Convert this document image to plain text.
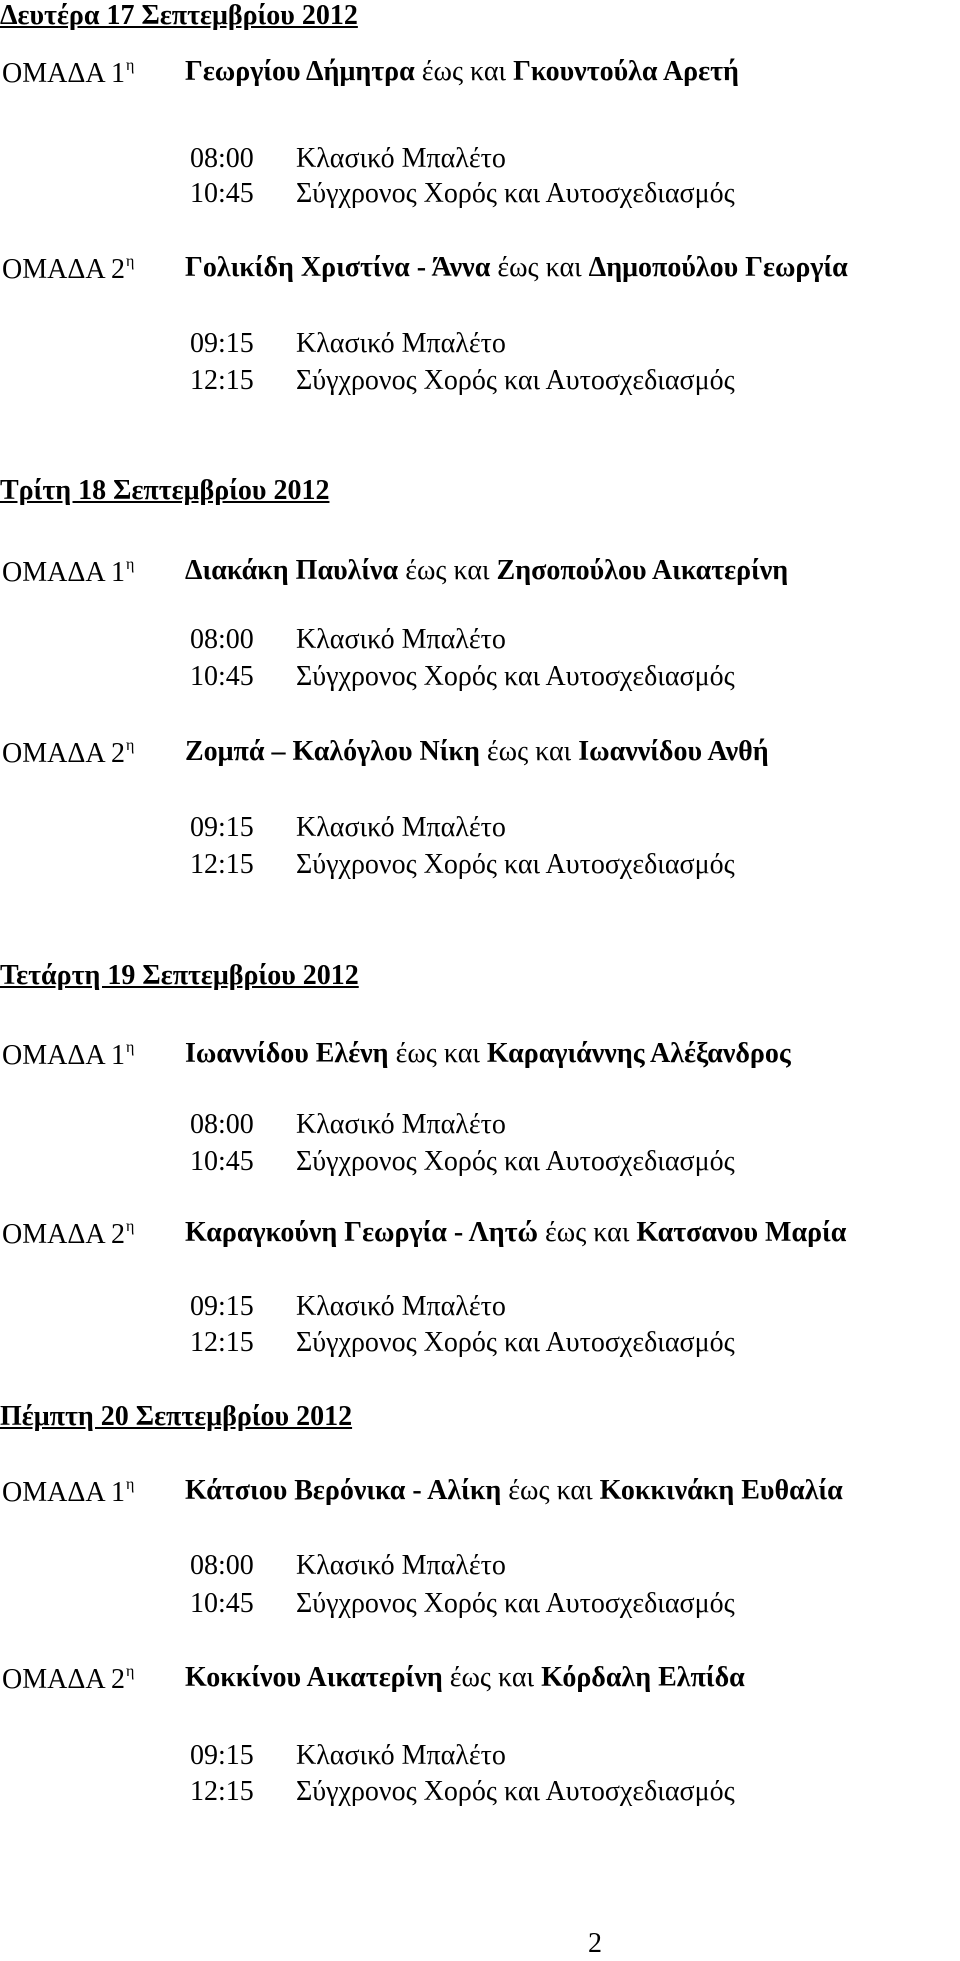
Δευτέρα 17 Σεπτεμβρίου 2012
ΟΜΑΔΑ $1^\eta$ Γεωργίου Δήμητρα έως και Γκουντούλα Αρετή
08:00 Κλασικό Μπαλέτο
10:45 Σύγχρονος Χορός και Αυτοσχεδιασμός
ΟΜΑΔΑ $2^\eta$ Γολικίδη Χριστίνα - Άννα έως και Δημοπούλου Γεωργία
09:15 Κλασικό Μπαλέτο
12:15 Σύγχρονος Χορός και Αυτοσχεδιασμός
Τρίτη 18 Σεπτεμβρίου 2012
ΟΜΑΔΑ $1^\eta$ Διακάκη Παυλίνα έως και Ζησοπούλου Αικατερίνη
08:00 Κλασικό Μπαλέτο
10:45 Σύγχρονος Χορός και Αυτοσχεδιασμός
ΟΜΑΔΑ $2^\eta$ Ζομπά – Καλόγλου Νίκη έως και Ιωαννίδου Ανθή
09:15 Κλασικό Μπαλέτο
12:15 Σύγχρονος Χορός και Αυτοσχεδιασμός
Τετάρτη 19 Σεπτεμβρίου 2012
ΟΜΑΔΑ $1^\eta$ Ιωαννίδου Ελένη έως και Καραγιάννης Αλέξανδρος
08:00 Κλασικό Μπαλέτο
10:45 Σύγχρονος Χορός και Αυτοσχεδιασμός
ΟΜΑΔΑ $2^\eta$ Καραγκούνη Γεωργία - Λητώ έως και Κατσανου Μαρία
09:15 Κλασικό Μπαλέτο
12:15 Σύγχρονος Χορός και Αυτοσχεδιασμός
Πέμπτη 20 Σεπτεμβρίου 2012
ΟΜΑΔΑ $1^\eta$ Κάτσιου Βερόνικα - Αλίκη έως και Κοκκινάκη Ευθαλία
08:00 Κλασικό Μπαλέτο
10:45 Σύγχρονος Χορός και Αυτοσχεδιασμός
ΟΜΑΔΑ $2^\eta$ Κοκκίνου Αικατερίνη έως και Κόρδαλη Ελπίδα
09:15 Κλασικό Μπαλέτο
12:15 Σύγχρονος Χορός και Αυτοσχεδιασμός
2
